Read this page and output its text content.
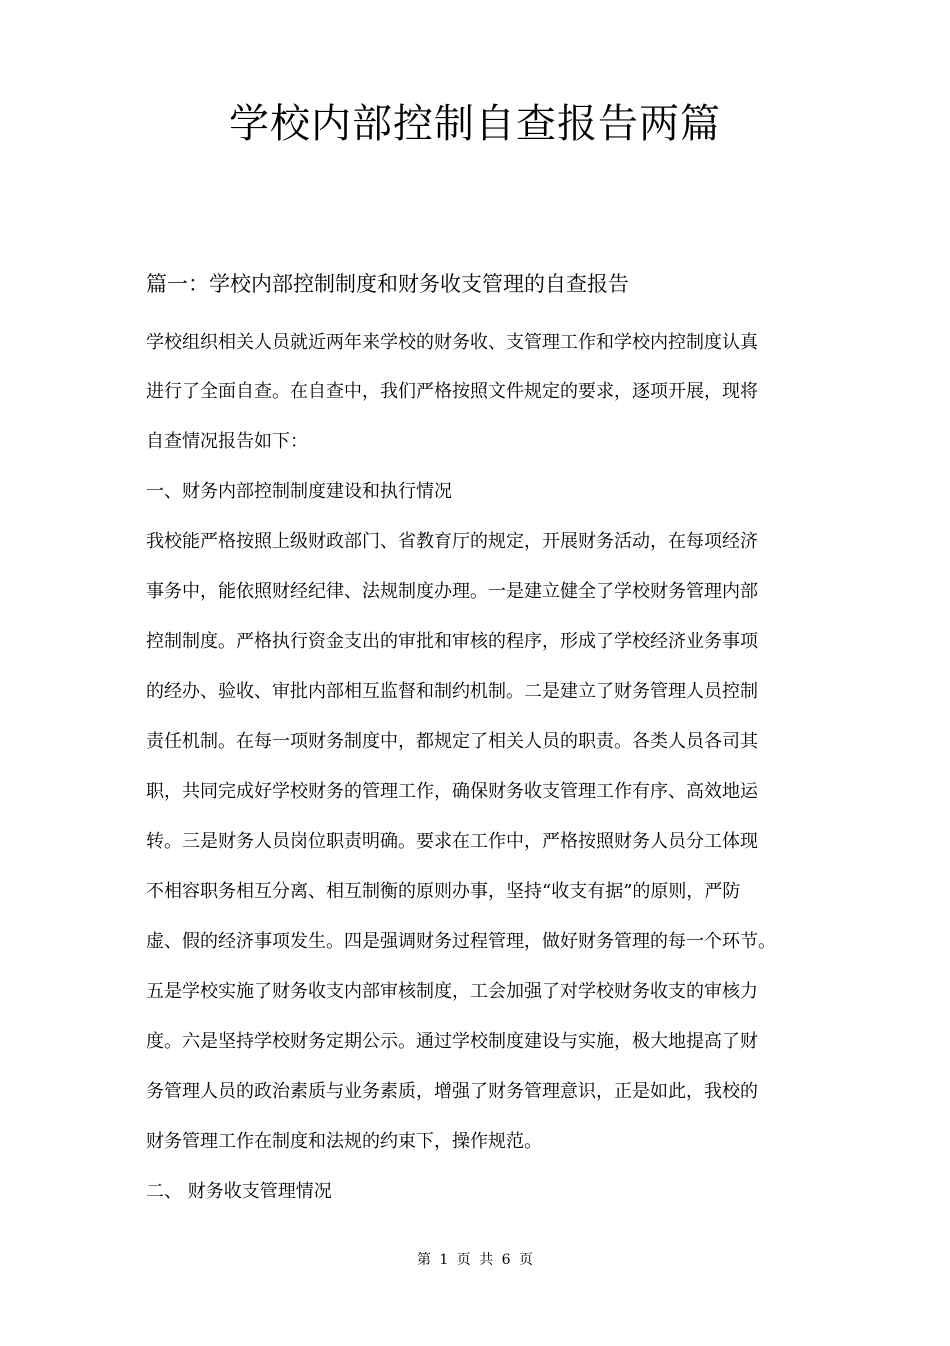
学校内部控制自查报告两篇
篇一：学校内部控制制度和财务收支管理的自查报告

学校组织相关人员就近两年来学校的财务收、支管理工作和学校内控制度认真

进行了全面自查。在自查中，我们严格按照文件规定的要求，逐项开展，现将

自查情况报告如下：

一、财务内部控制制度建设和执行情况

我校能严格按照上级财政部门、省教育厅的规定，开展财务活动，在每项经济

事务中，能依照财经纪律、法规制度办理。一是建立健全了学校财务管理内部

控制制度。严格执行资金支出的审批和审核的程序，形成了学校经济业务事项

的经办、验收、审批内部相互监督和制约机制。二是建立了财务管理人员控制

责任机制。在每一项财务制度中，都规定了相关人员的职责。各类人员各司其

职，共同完成好学校财务的管理工作，确保财务收支管理工作有序、高效地运

转。三是财务人员岗位职责明确。要求在工作中，严格按照财务人员分工体现

不相容职务相互分离、相互制衡的原则办事，坚持“收支有据”的原则，严防

虚、假的经济事项发生。四是强调财务过程管理，做好财务管理的每一个环节。

五是学校实施了财务收支内部审核制度，工会加强了对学校财务收支的审核力

度。六是坚持学校财务定期公示。通过学校制度建设与实施，极大地提高了财

务管理人员的政治素质与业务素质，增强了财务管理意识，正是如此，我校的

财务管理工作在制度和法规的约束下，操作规范。

二、 财务收支管理情况

第 1 页 共 6 页
